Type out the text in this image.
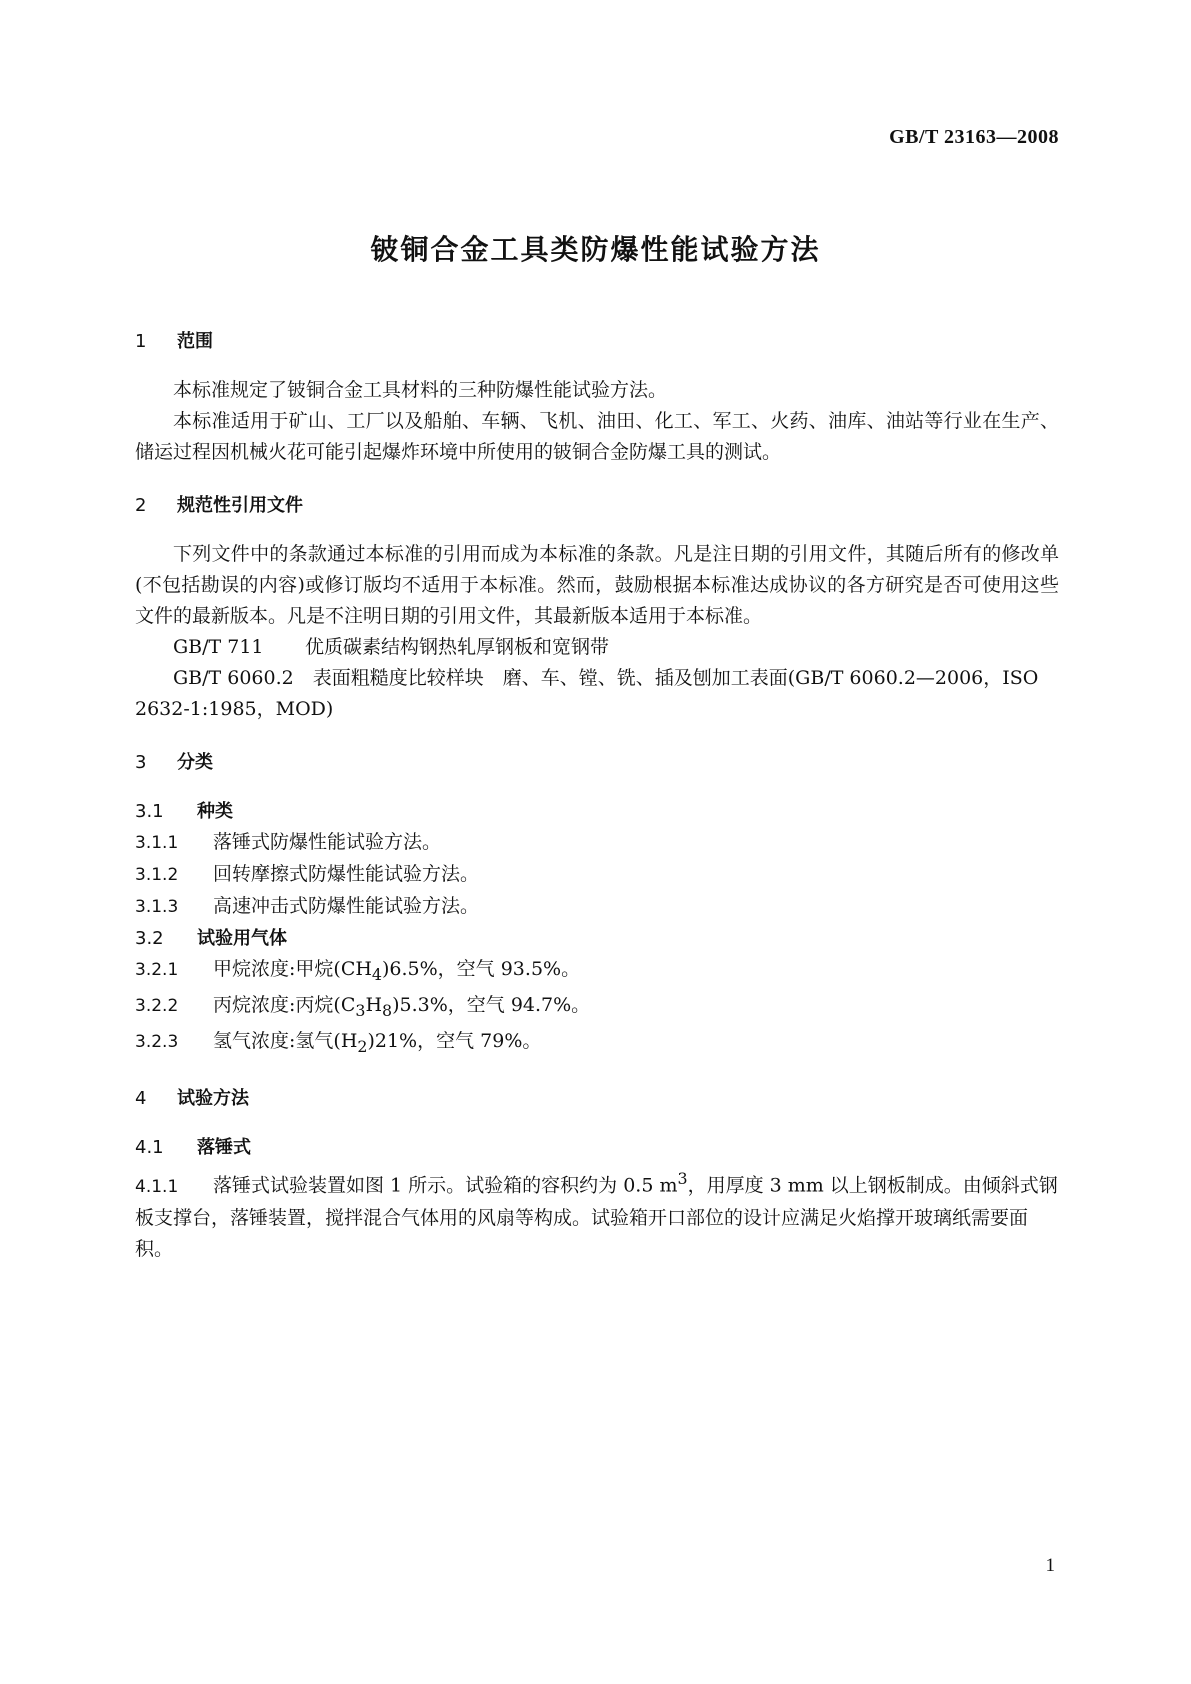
GB/T 23163—2008
铍铜合金工具类防爆性能试验方法

1 范围

本标准规定了铍铜合金工具材料的三种防爆性能试验方法。

本标准适用于矿山、工厂以及船舶、车辆、飞机、油田、化工、军工、火药、油库、油站等行业在生产、储运过程因机械火花可能引起爆炸环境中所使用的铍铜合金防爆工具的测试。

2 规范性引用文件

下列文件中的条款通过本标准的引用而成为本标准的条款。凡是注日期的引用文件，其随后所有的修改单(不包括勘误的内容)或修订版均不适用于本标准。然而，鼓励根据本标准达成协议的各方研究是否可使用这些文件的最新版本。凡是不注明日期的引用文件，其最新版本适用于本标准。

GB/T 711 优质碳素结构钢热轧厚钢板和宽钢带

GB/T 6060.2　 表面粗糙度比较样块　磨、车、镗、铣、插及刨加工表面(GB/T 6060.2—2006，ISO 2632-1:1985，MOD)

3 分类

3.1 种类

3.1.1 落锤式防爆性能试验方法。

3.1.2 回转摩擦式防爆性能试验方法。

3.1.3 高速冲击式防爆性能试验方法。

3.2 试验用气体

3.2.1 甲烷浓度:甲烷$(CH_4)6.5\%$，空气 93.5%。

3.2.2 丙烷浓度:丙烷$(C_3H_8)5.3\%$，空气 94.7%。

3.2.3 氢气浓度:氢气$(H_2)21\%$，空气 79%。

4 试验方法

4.1 落锤式

4.1.1 落锤式试验装置如图 1 所示。试验箱的容积约为 0.5 $m^3$，用厚度 3 mm 以上钢板制成。由倾斜式钢板支撑台，落锤装置，搅拌混合气体用的风扇等构成。试验箱开口部位的设计应满足火焰撑开玻璃纸需要面积。

1
